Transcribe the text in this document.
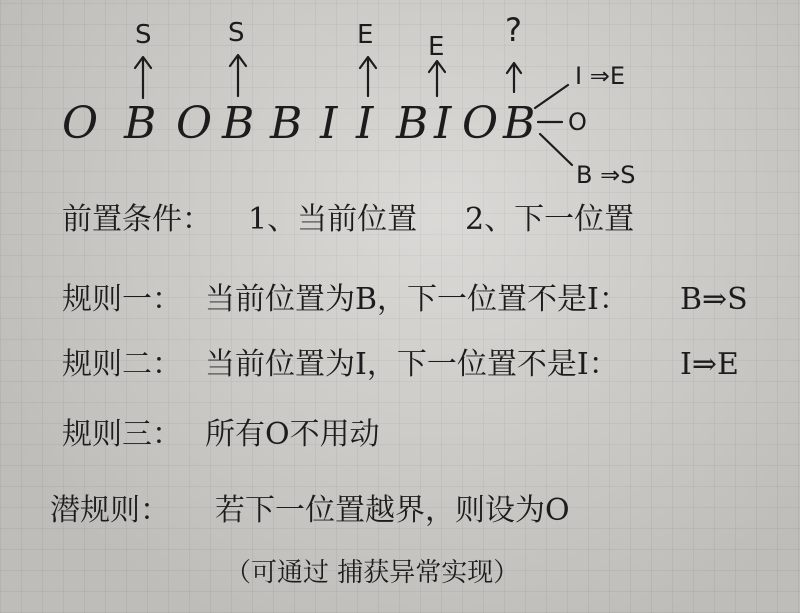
S	S	E E ?
O B O B B I I B I O B
I ⇒E
O
B ⇒S
前置条件： 1、当前位置 2、下一位置
规则一： 当前位置为B，下一位置不是I： B⇒S
规则二： 当前位置为I，下一位置不是I： I⇒E
规则三： 所有O不用动
潜规则： 若下一位置越界，则设为O
（可通过 捕获异常实现）
